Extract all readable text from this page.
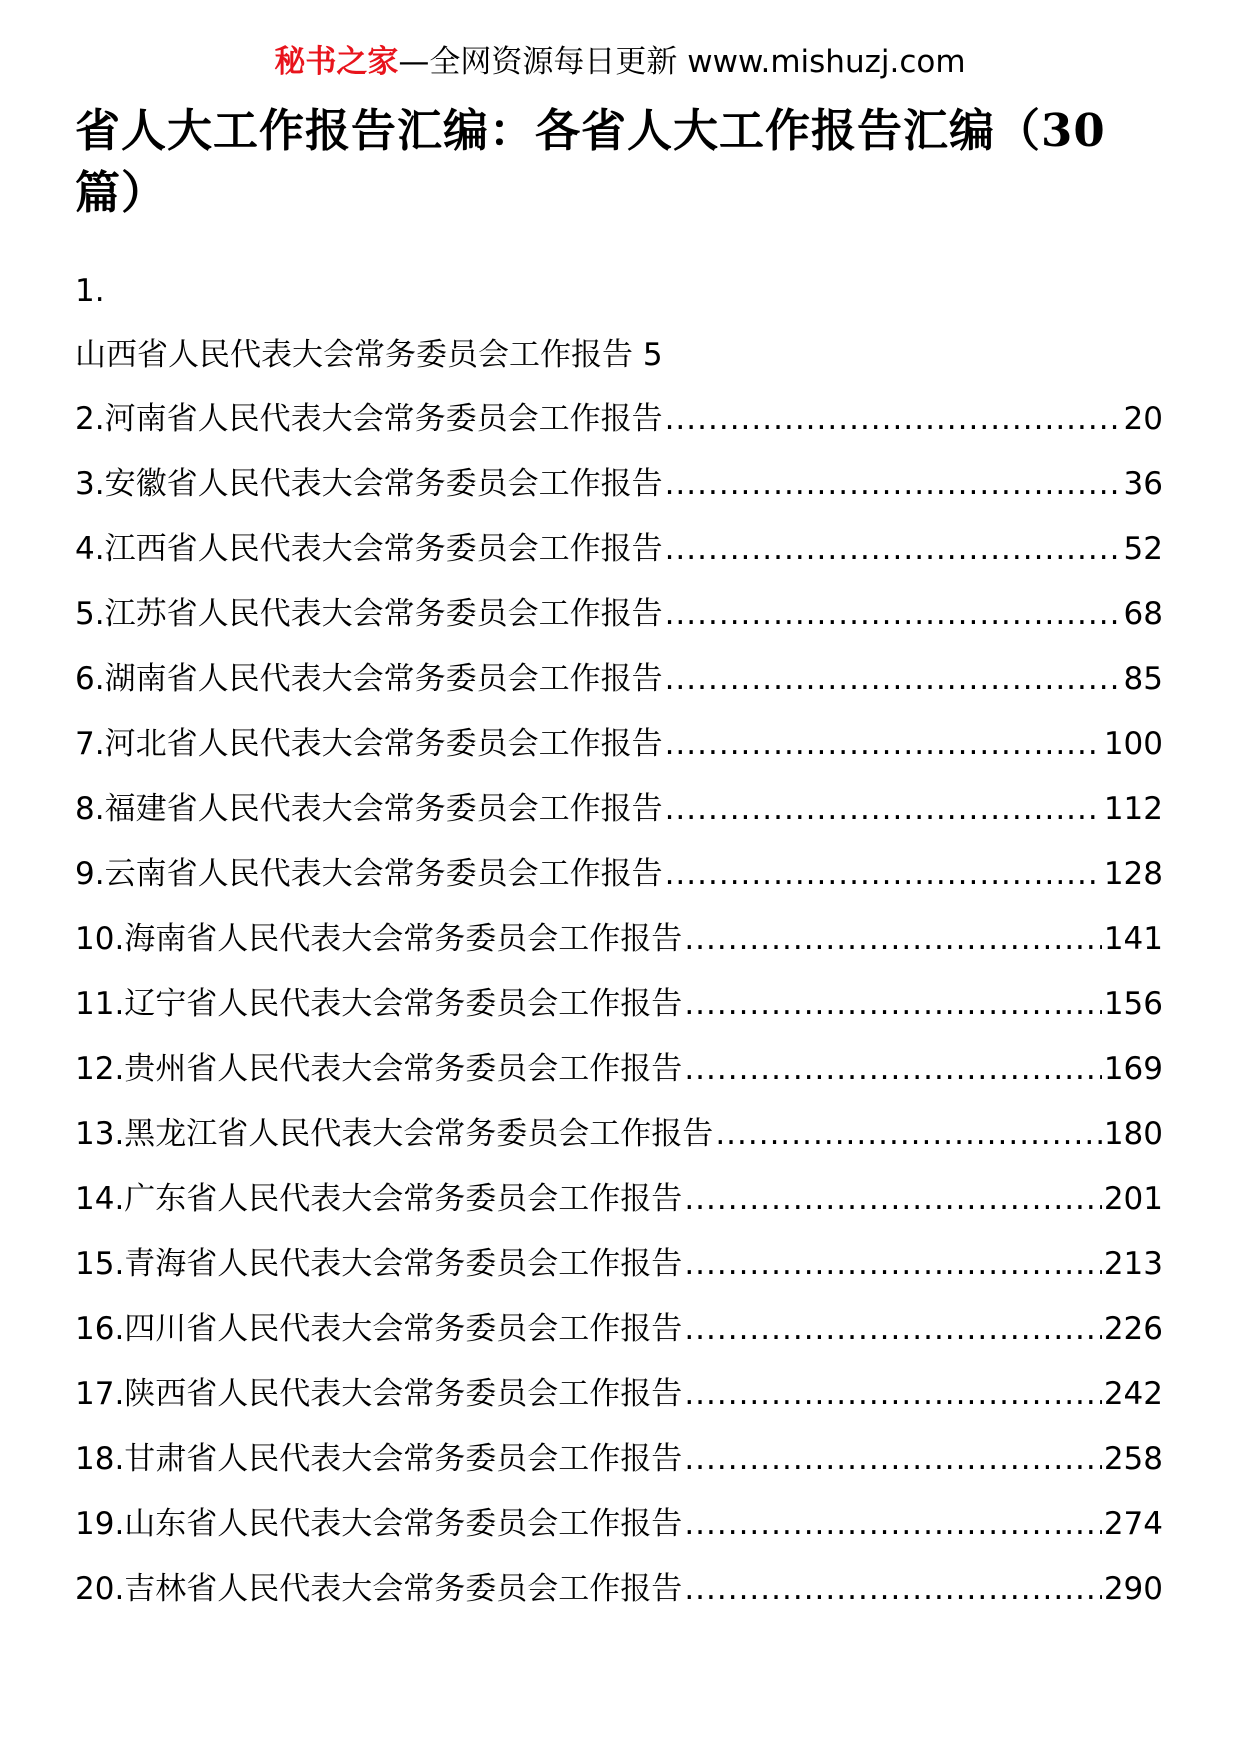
秘书之家—全网资源每日更新 www.mishuzj.com
省人大工作报告汇编：各省人大工作报告汇编（30篇）
1.
山西省人民代表大会常务委员会工作报告 5
2.河南省人民代表大会常务委员会工作报告 .....	20
3.安徽省人民代表大会常务委员会工作报告 .....	36
4.江西省人民代表大会常务委员会工作报告 .....	52
5.江苏省人民代表大会常务委员会工作报告 .....	68
6.湖南省人民代表大会常务委员会工作报告 .....	85
7.河北省人民代表大会常务委员会工作报告 .....	100
8.福建省人民代表大会常务委员会工作报告 .....	112
9.云南省人民代表大会常务委员会工作报告 .....	128
10.海南省人民代表大会常务委员会工作报告 .....	141
11.辽宁省人民代表大会常务委员会工作报告 .....	156
12.贵州省人民代表大会常务委员会工作报告 .....	169
13.黑龙江省人民代表大会常务委员会工作报告 .....	180
14.广东省人民代表大会常务委员会工作报告 .....	201
15.青海省人民代表大会常务委员会工作报告 .....	213
16.四川省人民代表大会常务委员会工作报告 .....	226
17.陕西省人民代表大会常务委员会工作报告 .....	242
18.甘肃省人民代表大会常务委员会工作报告 .....	258
19.山东省人民代表大会常务委员会工作报告 .....	274
20.吉林省人民代表大会常务委员会工作报告 .....	290
